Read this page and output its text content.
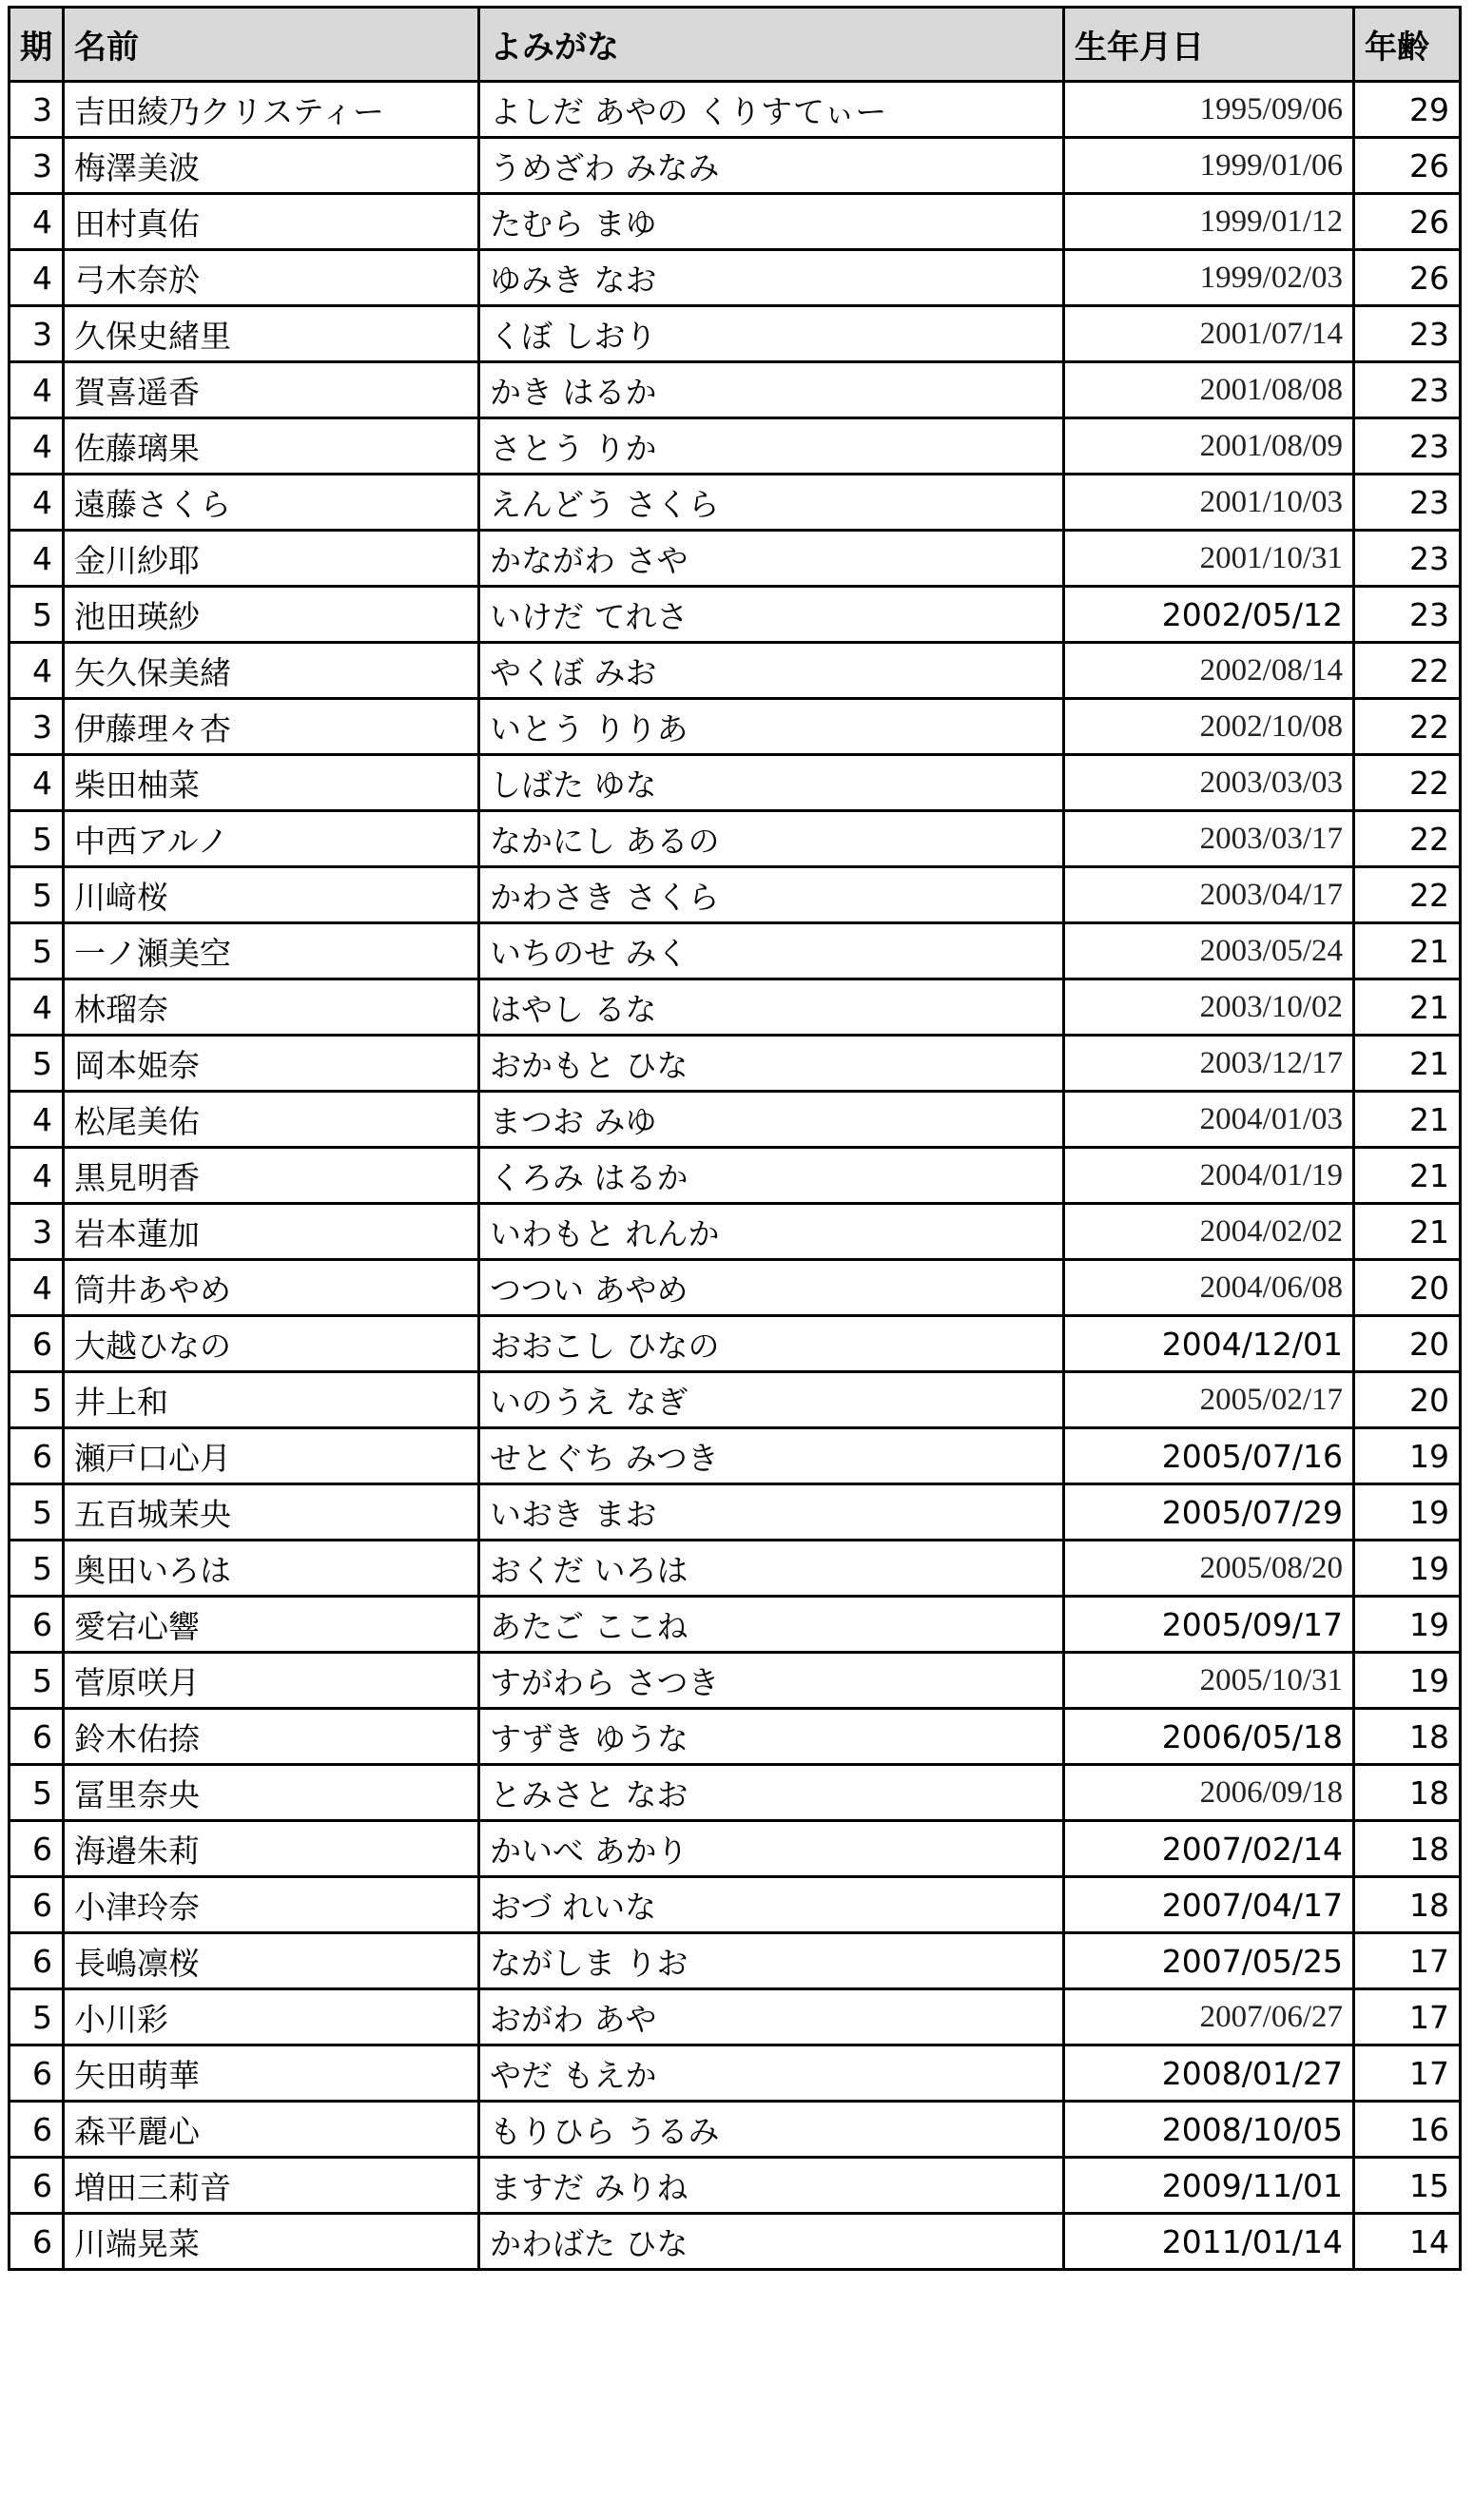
期	名前	よみがな	生年月日	年齢
3	吉田綾乃クリスティー	よしだ あやの くりすてぃー	1995/09/06	29
3	梅澤美波	うめざわ みなみ	1999/01/06	26
4	田村真佑	たむら まゆ	1999/01/12	26
4	弓木奈於	ゆみき なお	1999/02/03	26
3	久保史緒里	くぼ しおり	2001/07/14	23
4	賀喜遥香	かき はるか	2001/08/08	23
4	佐藤璃果	さとう りか	2001/08/09	23
4	遠藤さくら	えんどう さくら	2001/10/03	23
4	金川紗耶	かながわ さや	2001/10/31	23
5	池田瑛紗	いけだ てれさ	2002/05/12	23
4	矢久保美緒	やくぼ みお	2002/08/14	22
3	伊藤理々杏	いとう りりあ	2002/10/08	22
4	柴田柚菜	しばた ゆな	2003/03/03	22
5	中西アルノ	なかにし あるの	2003/03/17	22
5	川﨑桜	かわさき さくら	2003/04/17	22
5	一ノ瀬美空	いちのせ みく	2003/05/24	21
4	林瑠奈	はやし るな	2003/10/02	21
5	岡本姫奈	おかもと ひな	2003/12/17	21
4	松尾美佑	まつお みゆ	2004/01/03	21
4	黒見明香	くろみ はるか	2004/01/19	21
3	岩本蓮加	いわもと れんか	2004/02/02	21
4	筒井あやめ	つつい あやめ	2004/06/08	20
6	大越ひなの	おおこし ひなの	2004/12/01	20
5	井上和	いのうえ なぎ	2005/02/17	20
6	瀬戸口心月	せとぐち みつき	2005/07/16	19
5	五百城茉央	いおき まお	2005/07/29	19
5	奥田いろは	おくだ いろは	2005/08/20	19
6	愛宕心響	あたご ここね	2005/09/17	19
5	菅原咲月	すがわら さつき	2005/10/31	19
6	鈴木佑捺	すずき ゆうな	2006/05/18	18
5	冨里奈央	とみさと なお	2006/09/18	18
6	海邉朱莉	かいべ あかり	2007/02/14	18
6	小津玲奈	おづ れいな	2007/04/17	18
6	長嶋凛桜	ながしま りお	2007/05/25	17
5	小川彩	おがわ あや	2007/06/27	17
6	矢田萌華	やだ もえか	2008/01/27	17
6	森平麗心	もりひら うるみ	2008/10/05	16
6	増田三莉音	ますだ みりね	2009/11/01	15
6	川端晃菜	かわばた ひな	2011/01/14	14
